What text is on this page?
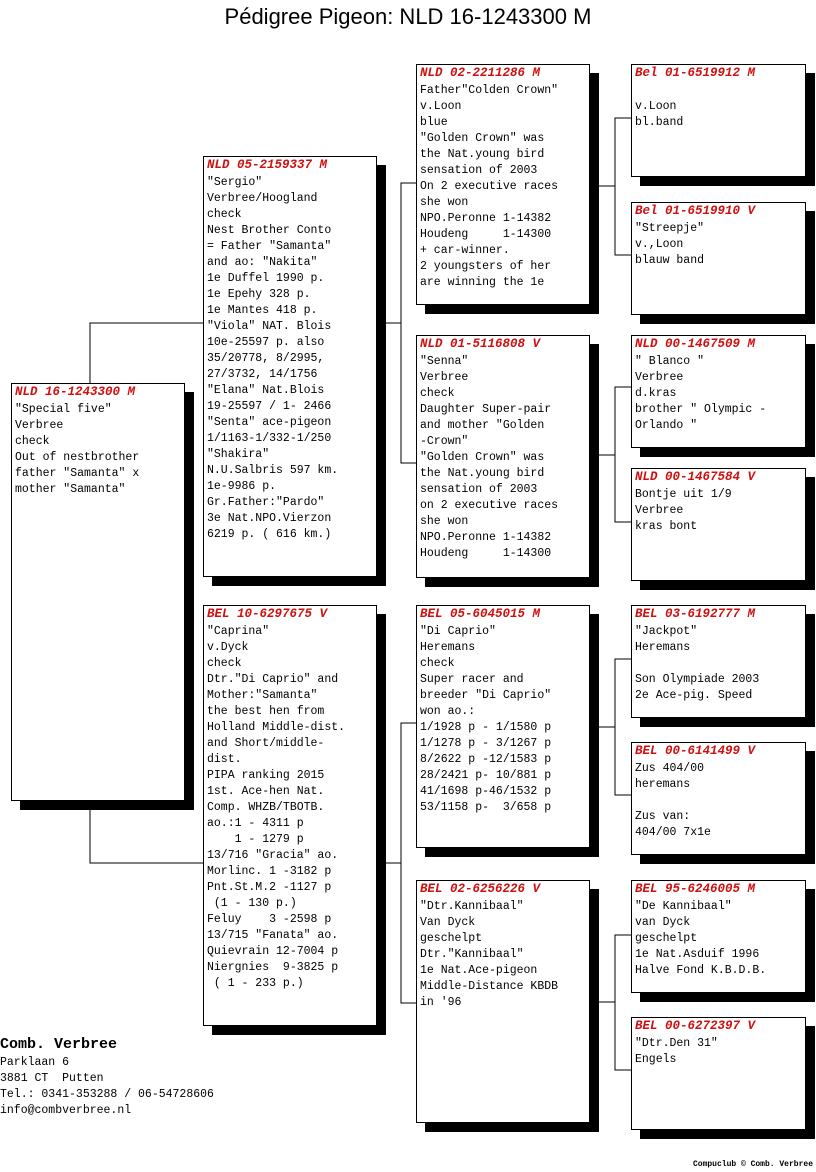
Pédigree Pigeon: NLD 16-1243300 M
NLD 16-1243300 M
"Special five"
Verbree
check
Out of nestbrother
father "Samanta" x
mother "Samanta"
NLD 05-2159337 M
"Sergio"
Verbree/Hoogland
check
Nest Brother Conto
= Father "Samanta"
and ao: "Nakita"
1e Duffel 1990 p.
1e Epehy 328 p.
1e Mantes 418 p.
"Viola" NAT. Blois
10e-25597 p. also
35/20778, 8/2995,
27/3732, 14/1756
"Elana" Nat.Blois
19-25597 / 1- 2466
"Senta" ace-pigeon
1/1163-1/332-1/250
"Shakira"
N.U.Salbris 597 km.
1e-9986 p.
Gr.Father:"Pardo"
3e Nat.NPO.Vierzon
6219 p. ( 616 km.)
BEL 10-6297675 V
"Caprina"
v.Dyck
check
Dtr."Di Caprio" and
Mother:"Samanta"
the best hen from
Holland Middle-dist.
and Short/middle-
dist.
PIPA ranking 2015
1st. Ace-hen Nat.
Comp. WHZB/TBOTB.
ao.:1 - 4311 p
1 - 1279 p
13/716 "Gracia" ao.
Morlinc. 1 -3182 p
Pnt.St.M.2 -1127 p
(1 - 130 p.)
Feluy    3 -2598 p
13/715 "Fanata" ao.
Quievrain 12-7004 p
Niergnies  9-3825 p
( 1 - 233 p.)
NLD 02-2211286 M
Father"Colden Crown"
v.Loon
blue
"Golden Crown" was
the Nat.young bird
sensation of 2003
On 2 executive races
she won
NPO.Peronne 1-14382
Houdeng     1-14300
+ car-winner.
2 youngsters of her
are winning the 1e
NLD 01-5116808 V
"Senna"
Verbree
check
Daughter Super-pair
and mother "Golden
-Crown"
"Golden Crown" was
the Nat.young bird
sensation of 2003
on 2 executive races
she won
NPO.Peronne 1-14382
Houdeng     1-14300
BEL 05-6045015 M
"Di Caprio"
Heremans
check
Super racer and
breeder "Di Caprio"
won ao.:
1/1928 p - 1/1580 p
1/1278 p - 3/1267 p
8/2622 p -12/1583 p
28/2421 p- 10/881 p
41/1698 p-46/1532 p
53/1158 p-  3/658 p
BEL 02-6256226 V
"Dtr.Kannibaal"
Van Dyck
geschelpt
Dtr."Kannibaal"
1e Nat.Ace-pigeon
Middle-Distance KBDB
in '96
Bel 01-6519912 M

v.Loon
bl.band
Bel 01-6519910 V
"Streepje"
v.,Loon
blauw band
NLD 00-1467509 M
" Blanco "
Verbree
d.kras
brother " Olympic -
Orlando "
NLD 00-1467584 V
Bontje uit 1/9
Verbree
kras bont
BEL 03-6192777 M
"Jackpot"
Heremans

Son Olympiade 2003
2e Ace-pig. Speed
BEL 00-6141499 V
Zus 404/00
heremans

Zus van:
404/00 7x1e
BEL 95-6246005 M
"De Kannibaal"
van Dyck
geschelpt
1e Nat.Asduif 1996
Halve Fond K.B.D.B.
BEL 00-6272397 V
"Dtr.Den 31"
Engels
Comb. Verbree
Parklaan 6
3881 CT  Putten
Tel.: 0341-353288 / 06-54728606
info@combverbree.nl
Compuclub © Comb. Verbree
